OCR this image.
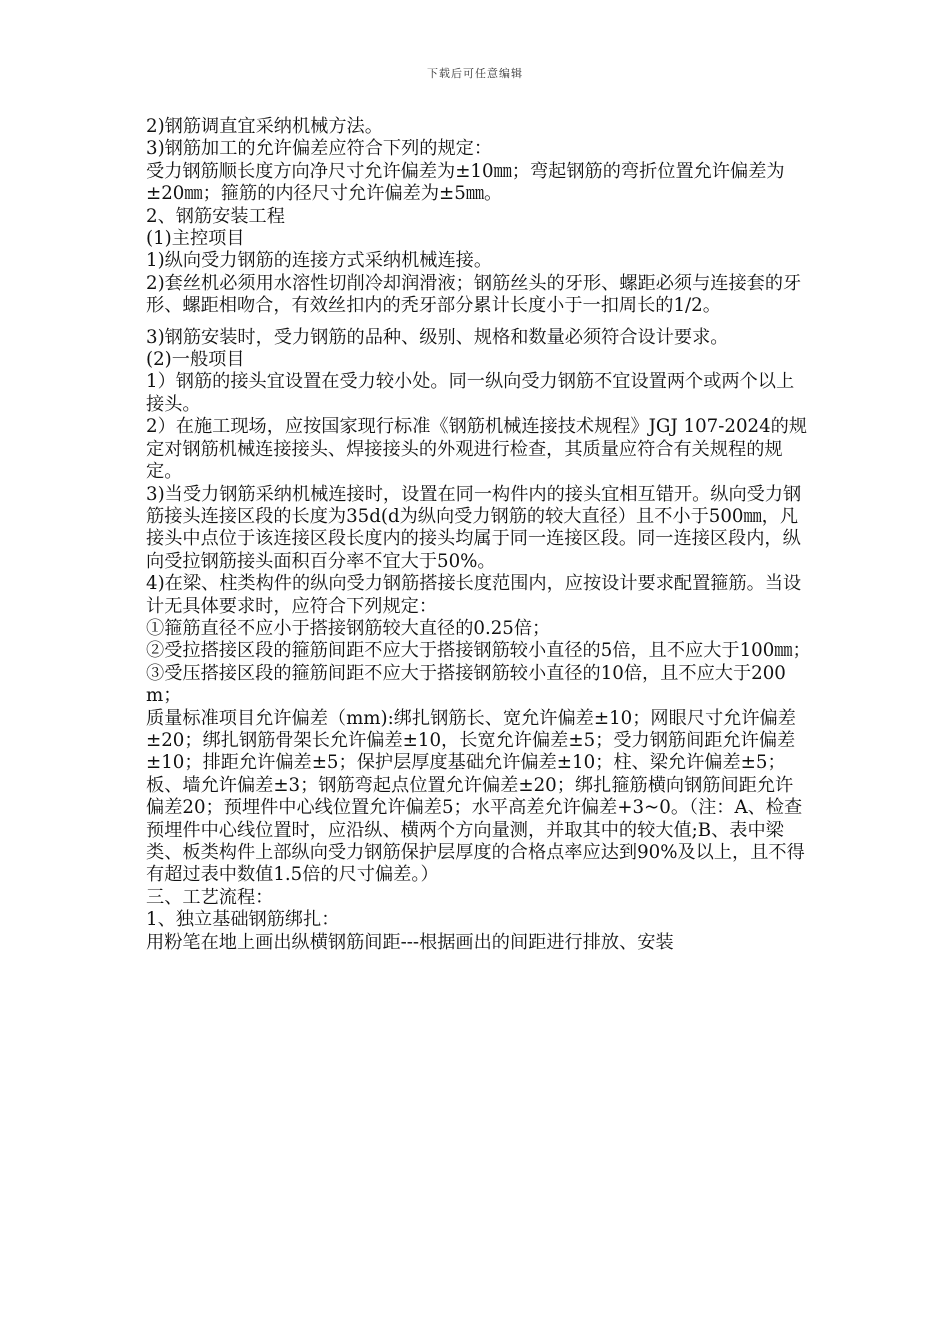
下载后可任意编辑

2)钢筋调直宜采纳机械方法。

3)钢筋加工的允许偏差应符合下列的规定：

受力钢筋顺长度方向净尺寸允许偏差为±10㎜；弯起钢筋的弯折位置允许偏差为±20㎜；箍筋的内径尺寸允许偏差为±5㎜。

2、钢筋安装工程

(1)主控项目

1)纵向受力钢筋的连接方式采纳机械连接。

2)套丝机必须用水溶性切削冷却润滑液；钢筋丝头的牙形、螺距必须与连接套的牙形、螺距相吻合，有效丝扣内的秃牙部分累计长度小于一扣周长的1/2。

3)钢筋安装时，受力钢筋的品种、级别、规格和数量必须符合设计要求。

(2)一般项目

1）钢筋的接头宜设置在受力较小处。同一纵向受力钢筋不宜设置两个或两个以上接头。

2）在施工现场，应按国家现行标准《钢筋机械连接技术规程》JGJ 107-2024的规定对钢筋机械连接接头、焊接接头的外观进行检查，其质量应符合有关规程的规定。

3)当受力钢筋采纳机械连接时，设置在同一构件内的接头宜相互错开。纵向受力钢筋接头连接区段的长度为35d(d为纵向受力钢筋的较大直径）且不小于500㎜，凡接头中点位于该连接区段长度内的接头均属于同一连接区段。同一连接区段内，纵向受拉钢筋接头面积百分率不宜大于50%。

4)在梁、柱类构件的纵向受力钢筋搭接长度范围内，应按设计要求配置箍筋。当设计无具体要求时，应符合下列规定：

①箍筋直径不应小于搭接钢筋较大直径的0.25倍；

②受拉搭接区段的箍筋间距不应大于搭接钢筋较小直径的5倍，且不应大于100㎜；

③受压搭接区段的箍筋间距不应大于搭接钢筋较小直径的10倍，且不应大于200m；

质量标准项目允许偏差（mm):绑扎钢筋长、宽允许偏差±10；网眼尺寸允许偏差±20；绑扎钢筋骨架长允许偏差±10，长宽允许偏差±5；受力钢筋间距允许偏差±10；排距允许偏差±5；保护层厚度基础允许偏差±10；柱、梁允许偏差±5；板、墙允许偏差±3；钢筋弯起点位置允许偏差±20；绑扎箍筋横向钢筋间距允许偏差20；预埋件中心线位置允许偏差5；水平高差允许偏差+3~0。（注：A、检查预埋件中心线位置时，应沿纵、横两个方向量测，并取其中的较大值;B、表中梁类、板类构件上部纵向受力钢筋保护层厚度的合格点率应达到90%及以上，且不得有超过表中数值1.5倍的尺寸偏差。）

三、工艺流程：

1、独立基础钢筋绑扎：

用粉笔在地上画出纵横钢筋间距---根据画出的间距进行排放、安装
